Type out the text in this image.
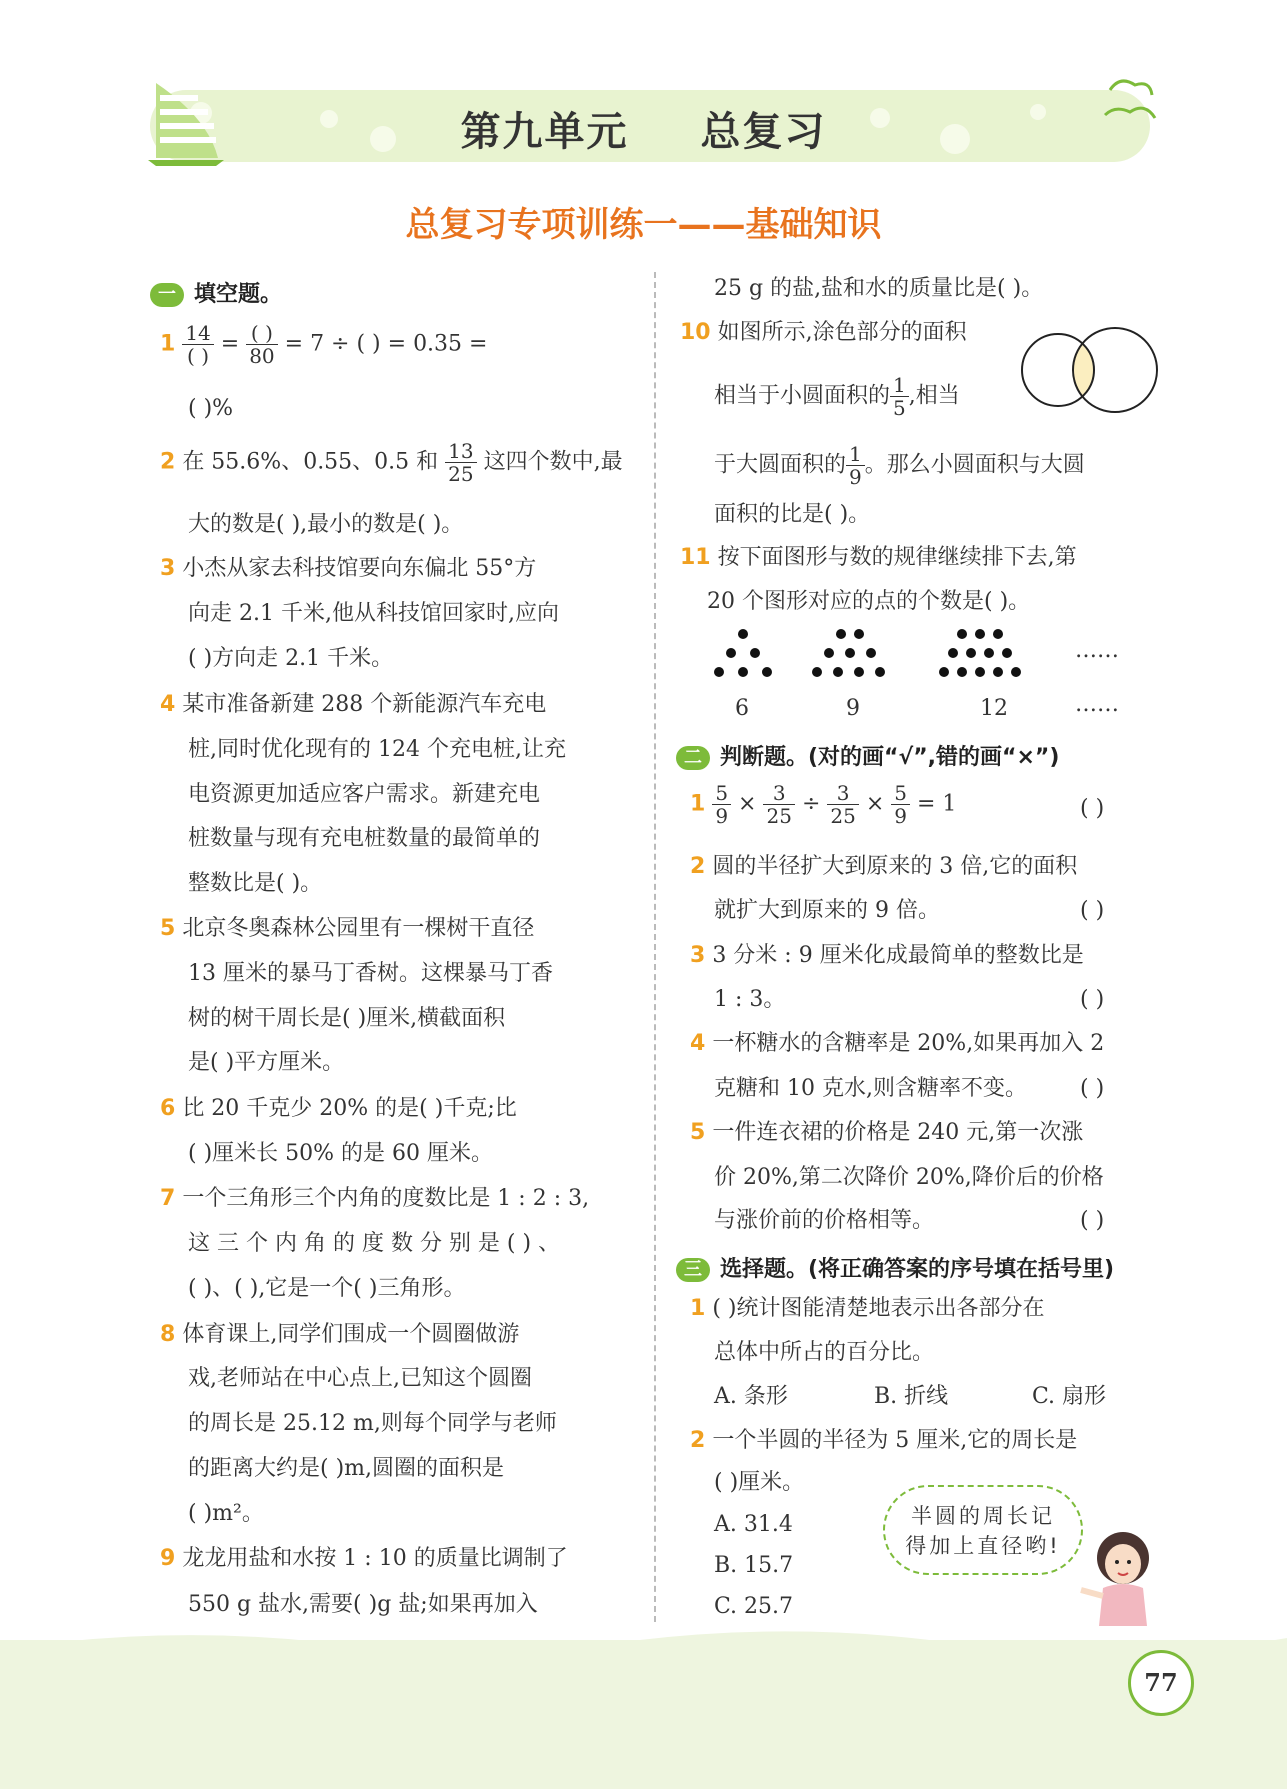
第九单元 总复习
总复习专项训练一——基础知识
一 填空题。
$1 \frac{14}{( )} = \frac{( )}{80} = 7$ ÷ ( ) = 0.35 =
( )%
2 在 55.6%、0.55、0.5 和 $\frac{13}{25}$ 这四个数中,最
大的数是( ),最小的数是( )。
3 小杰从家去科技馆要向东偏北 55°方
向走 2.1 千米,他从科技馆回家时,应向
( )方向走 2.1 千米。
4 某市准备新建 288 个新能源汽车充电
桩,同时优化现有的 124 个充电桩,让充
电资源更加适应客户需求。新建充电
桩数量与现有充电桩数量的最简单的
整数比是( )。
5 北京冬奥森林公园里有一棵树干直径
13 厘米的暴马丁香树。这棵暴马丁香
树的树干周长是( )厘米,横截面积
是( )平方厘米。
6 比 20 千克少 20% 的是( )千克;比
( )厘米长 50% 的是 60 厘米。
7 一个三角形三个内角的度数比是 1 : 2 : 3,
这 三 个 内 角 的 度 数 分 别 是 ( ) 、
( )、( ),它是一个( )三角形。
8 体育课上,同学们围成一个圆圈做游
戏,老师站在中心点上,已知这个圆圈
的周长是 25.12 m,则每个同学与老师
的距离大约是( )m,圆圈的面积是
( )m²。
9 龙龙用盐和水按 1 : 10 的质量比调制了
550 g 盐水,需要( )g 盐;如果再加入
25 g 的盐,盐和水的质量比是( )。
10 如图所示,涂色部分的面积
相当于小圆面积的 $\frac{1}{5}$ ,相当
于大圆面积的 $\frac{1}{9}$ 。那么小圆面积与大圆
面积的比是( )。
11 按下面图形与数的规律继续排下去,第
20 个图形对应的点的个数是( )。
……
6	9	12	……
二 判断题。(对的画“√”,错的画“×”)
$1 \frac{5}{9} \times \frac{3}{25} \div \frac{3}{25} \times \frac{5}{9} = 1$	( )
2 圆的半径扩大到原来的 3 倍,它的面积
就扩大到原来的 9 倍。	( )
3 3 分米 : 9 厘米化成最简单的整数比是
1 : 3。	( )
4 一杯糖水的含糖率是 20%,如果再加入 2
克糖和 10 克水,则含糖率不变。 ( )
5 一件连衣裙的价格是 240 元,第一次涨
价 20%,第二次降价 20%,降价后的价格
与涨价前的价格相等。	( )
三 选择题。(将正确答案的序号填在括号里)
1 ( )统计图能清楚地表示出各部分在
总体中所占的百分比。
A. 条形	B. 折线	C. 扇形
2 一个半圆的半径为 5 厘米,它的周长是
( )厘米。
A. 31.4
B. 15.7
C. 25.7
半圆的周长记
得加上直径哟!
77
